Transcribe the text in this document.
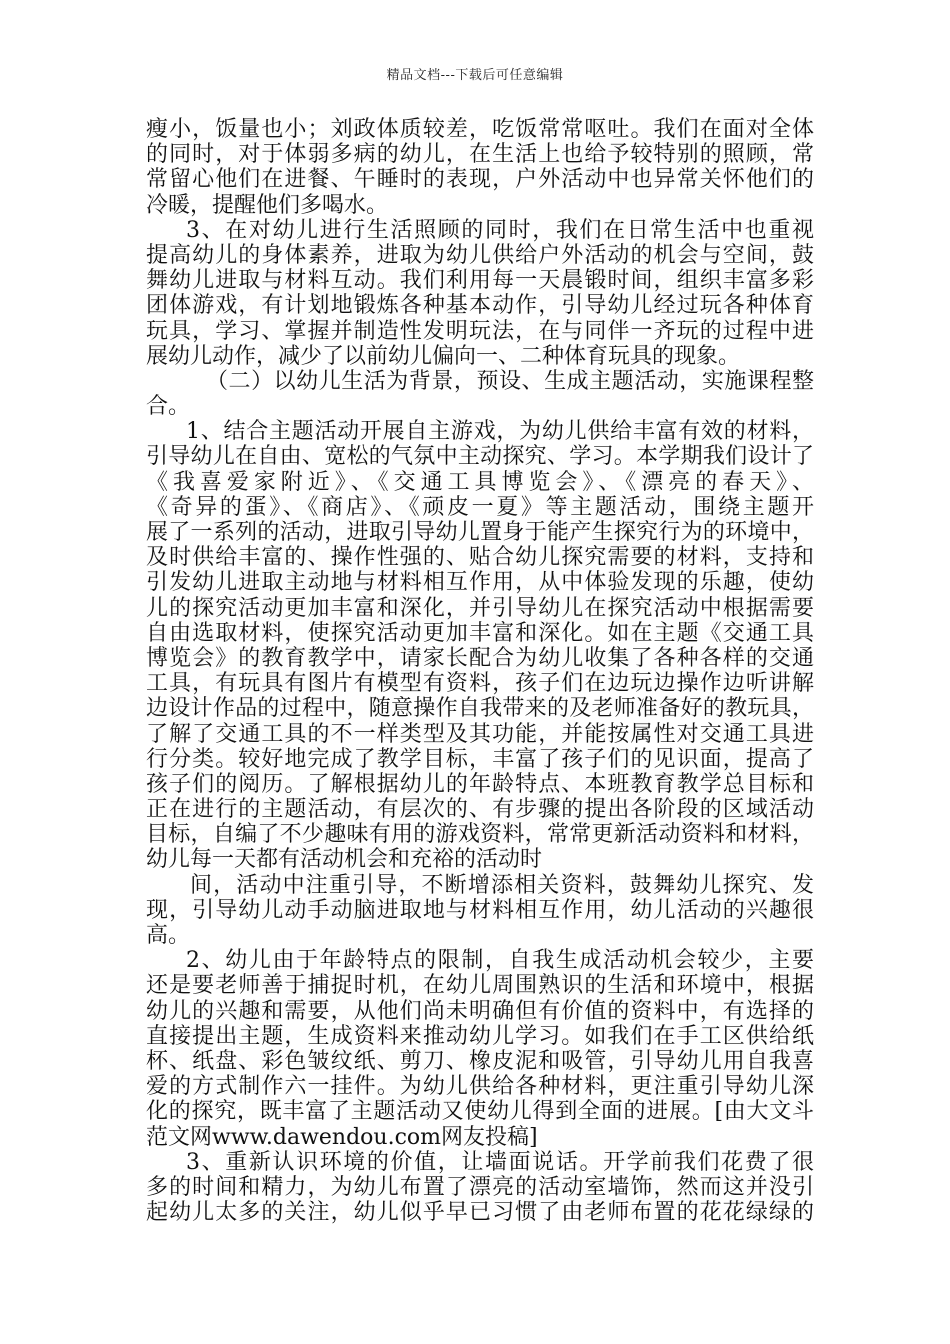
精品文档---下载后可任意编辑
瘦小，饭量也小；刘政体质较差，吃饭常常呕吐。我们在面对全体
的同时，对于体弱多病的幼儿，在生活上也给予较特别的照顾，常
常留心他们在进餐、午睡时的表现，户外活动中也异常关怀他们的
冷暖，提醒他们多喝水。
3、在对幼儿进行生活照顾的同时，我们在日常生活中也重视
提高幼儿的身体素养，进取为幼儿供给户外活动的机会与空间，鼓
舞幼儿进取与材料互动。我们利用每一天晨锻时间，组织丰富多彩
团体游戏，有计划地锻炼各种基本动作，引导幼儿经过玩各种体育
玩具，学习、掌握并制造性发明玩法，在与同伴一齐玩的过程中进
展幼儿动作，减少了以前幼儿偏向一、二种体育玩具的现象。
（二）以幼儿生活为背景，预设、生成主题活动，实施课程整
合。
1、结合主题活动开展自主游戏，为幼儿供给丰富有效的材料，
引导幼儿在自由、宽松的气氛中主动探究、学习。本学期我们设计了
《我喜爱家附近》、《交通工具博览会》、《漂亮的春天》、
《奇异的蛋》、《商店》、《顽皮一夏》等主题活动，围绕主题开
展了一系列的活动，进取引导幼儿置身于能产生探究行为的环境中，
及时供给丰富的、操作性强的、贴合幼儿探究需要的材料，支持和
引发幼儿进取主动地与材料相互作用，从中体验发现的乐趣，使幼
儿的探究活动更加丰富和深化，并引导幼儿在探究活动中根据需要
自由选取材料，使探究活动更加丰富和深化。如在主题《交通工具
博览会》的教育教学中，请家长配合为幼儿收集了各种各样的交通
工具，有玩具有图片有模型有资料，孩子们在边玩边操作边听讲解
边设计作品的过程中，随意操作自我带来的及老师准备好的教玩具，
了解了交通工具的不一样类型及其功能，并能按属性对交通工具进
行分类。较好地完成了教学目标，丰富了孩子们的见识面，提高了
孩子们的阅历。了解根据幼儿的年龄特点、本班教育教学总目标和
正在进行的主题活动，有层次的、有步骤的提出各阶段的区域活动
目标，自编了不少趣味有用的游戏资料，常常更新活动资料和材料，
幼儿每一天都有活动机会和充裕的活动时
间，活动中注重引导，不断增添相关资料，鼓舞幼儿探究、发
现，引导幼儿动手动脑进取地与材料相互作用，幼儿活动的兴趣很
高。
2、幼儿由于年龄特点的限制，自我生成活动机会较少，主要
还是要老师善于捕捉时机，在幼儿周围熟识的生活和环境中，根据
幼儿的兴趣和需要，从他们尚未明确但有价值的资料中，有选择的
直接提出主题，生成资料来推动幼儿学习。如我们在手工区供给纸
杯、纸盘、彩色皱纹纸、剪刀、橡皮泥和吸管，引导幼儿用自我喜
爱的方式制作六一挂件。为幼儿供给各种材料，更注重引导幼儿深
化的探究，既丰富了主题活动又使幼儿得到全面的进展。[由大文斗
范文网www.dawendou.com网友投稿]
3、重新认识环境的价值，让墙面说话。开学前我们花费了很
多的时间和精力，为幼儿布置了漂亮的活动室墙饰，然而这并没引
起幼儿太多的关注，幼儿似乎早已习惯了由老师布置的花花绿绿的
